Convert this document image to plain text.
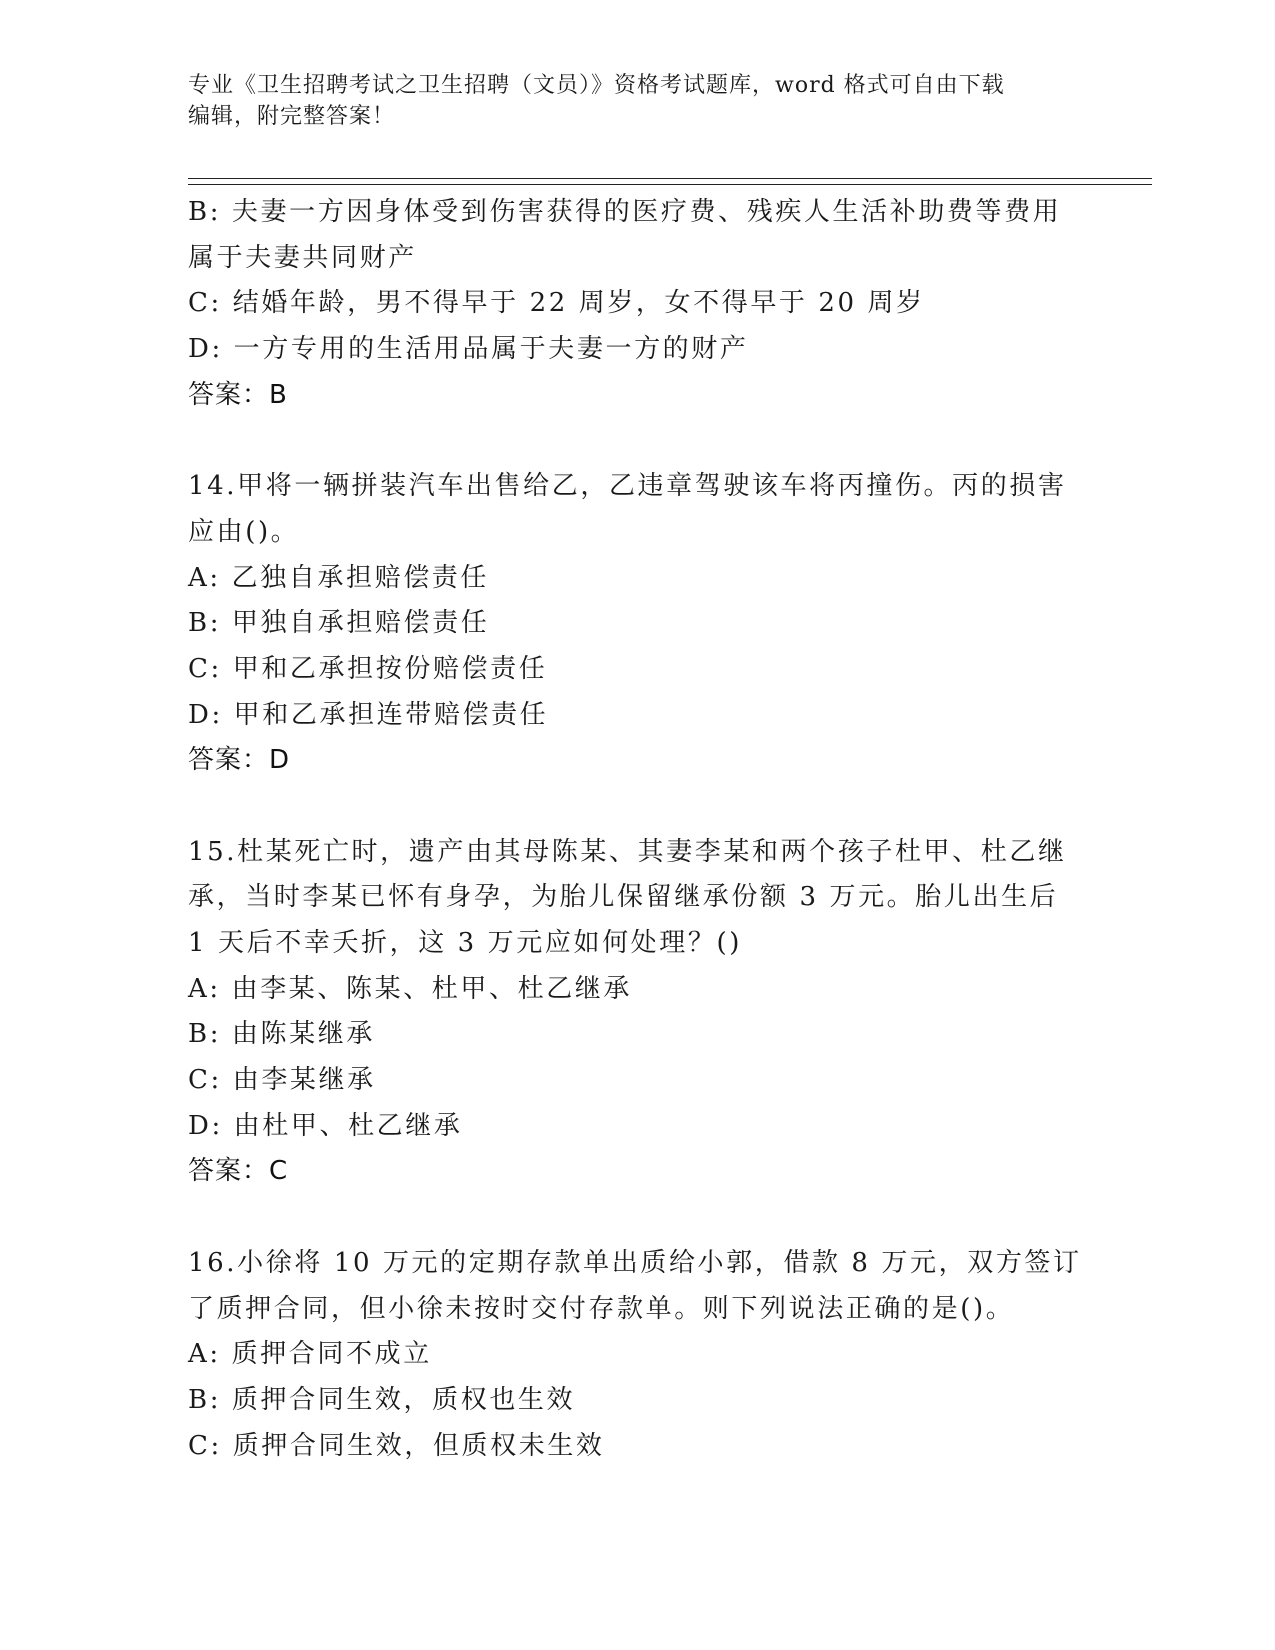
专业《卫生招聘考试之卫生招聘（文员）》资格考试题库，word 格式可自由下载
编辑，附完整答案！
B: 夫妻一方因身体受到伤害获得的医疗费、残疾人生活补助费等费用
属于夫妻共同财产
C: 结婚年龄，男不得早于 22 周岁，女不得早于 20 周岁
D: 一方专用的生活用品属于夫妻一方的财产
答案：B
14.甲将一辆拼装汽车出售给乙，乙违章驾驶该车将丙撞伤。丙的损害
应由()。
A: 乙独自承担赔偿责任
B: 甲独自承担赔偿责任
C: 甲和乙承担按份赔偿责任
D: 甲和乙承担连带赔偿责任
答案：D
15.杜某死亡时，遗产由其母陈某、其妻李某和两个孩子杜甲、杜乙继
承，当时李某已怀有身孕，为胎儿保留继承份额 3 万元。胎儿出生后
1 天后不幸夭折，这 3 万元应如何处理？()
A: 由李某、陈某、杜甲、杜乙继承
B: 由陈某继承
C: 由李某继承
D: 由杜甲、杜乙继承
答案：C
16.小徐将 10 万元的定期存款单出质给小郭，借款 8 万元，双方签订
了质押合同，但小徐未按时交付存款单。则下列说法正确的是()。
A: 质押合同不成立
B: 质押合同生效，质权也生效
C: 质押合同生效，但质权未生效
